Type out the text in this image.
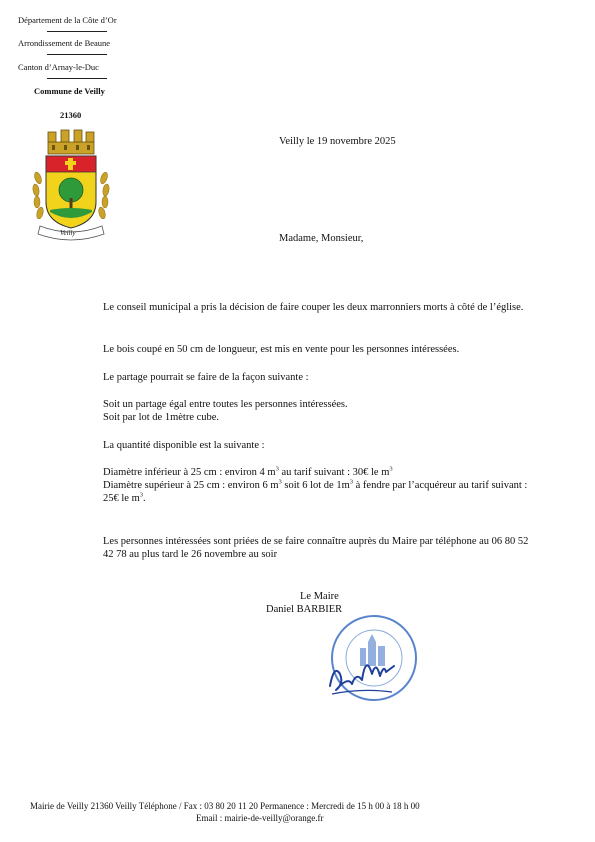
Département de la Côte d’Or
Arrondissement de Beaune
Canton d’Arnay-le-Duc
Commune de Veilly
21360
Veilly
Veilly le 19 novembre 2025
Madame, Monsieur,
Le conseil municipal a pris la décision de faire couper les deux marronniers morts à côté de l’église.
Le bois coupé en 50 cm de longueur, est mis en vente pour les personnes intéressées.
Le partage pourrait se faire de la façon suivante :
Soit un partage égal entre toutes les personnes intéressées.
Soit par lot de 1mètre cube.
La quantité disponible est la suivante :
Diamètre inférieur à 25 cm : environ 4 $m^3$ au tarif suivant : 30€ le $m^3$
Diamètre supérieur à 25 cm : environ 6 $m^3$ soit 6 lot de $1m^3$ à fendre par l’acquéreur au tarif suivant : 25€ le $m^3$.
Les personnes intéressées sont priées de se faire connaître auprès du Maire par téléphone au 06 80 52 42 78 au plus tard le 26 novembre au soir
Le Maire
Daniel BARBIER
Mairie de Veilly 21360 Veilly Téléphone / Fax : 03 80 20 11 20 Permanence : Mercredi de 15 h 00 à 18 h 00
Email : mairie-de-veilly@orange.fr
